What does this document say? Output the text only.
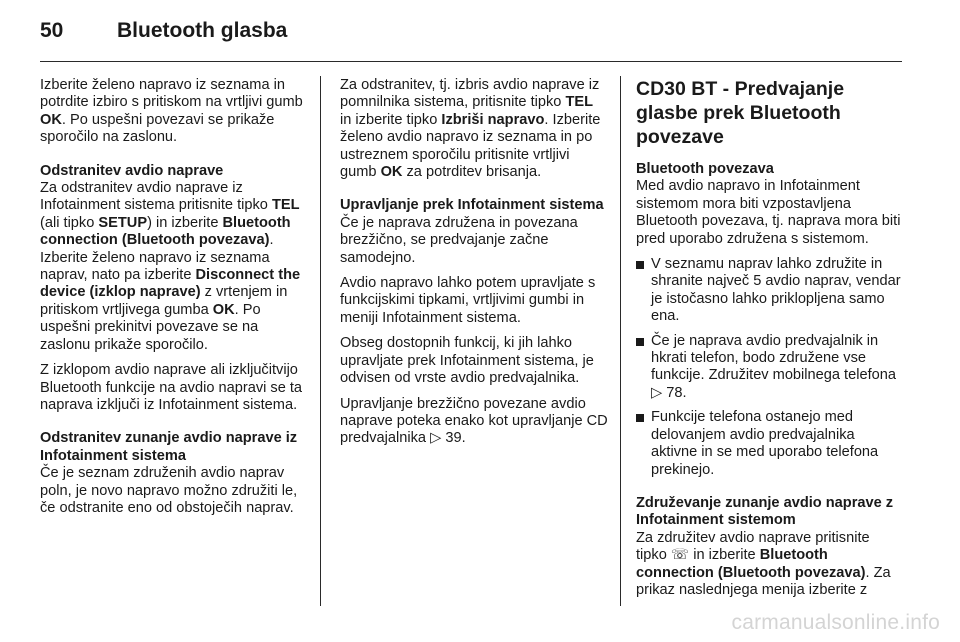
50	Bluetooth glasba

Izberite želeno napravo iz seznama in potrdite izbiro s pritiskom na vrtljivi gumb OK. Po uspešni povezavi se prikaže sporočilo na zaslonu.

Odstranitev avdio naprave

Za odstranitev avdio naprave iz Infotainment sistema pritisnite tipko TEL (ali tipko SETUP) in izberite Bluetooth connection (Bluetooth povezava). Izberite želeno napravo iz seznama naprav, nato pa izberite Disconnect the device (izklop naprave) z vrtenjem in pritiskom vrtljivega gumba OK. Po uspešni prekinitvi povezave se na zaslonu prikaže sporočilo.

Z izklopom avdio naprave ali izključitvijo Bluetooth funkcije na avdio napravi se ta naprava izključi iz Infotainment sistema.

Odstranitev zunanje avdio naprave iz Infotainment sistema

Če je seznam združenih avdio naprav poln, je novo napravo možno združiti le, če odstranite eno od obstoječih naprav.

Za odstranitev, tj. izbris avdio naprave iz pomnilnika sistema, pritisnite tipko TEL in izberite tipko Izbriši napravo. Izberite želeno avdio napravo iz seznama in po ustreznem sporočilu pritisnite vrtljivi gumb OK za potrditev brisanja.

Upravljanje prek Infotainment sistema

Če je naprava združena in povezana brezžično, se predvajanje začne samodejno.

Avdio napravo lahko potem upravljate s funkcijskimi tipkami, vrtljivimi gumbi in meniji Infotainment sistema.

Obseg dostopnih funkcij, ki jih lahko upravljate prek Infotainment sistema, je odvisen od vrste avdio predvajalnika.

Upravljanje brezžično povezane avdio naprave poteka enako kot upravljanje CD predvajalnika ▷ 39.

CD30 BT - Predvajanje glasbe prek Bluetooth povezave
Bluetooth povezava

Med avdio napravo in Infotainment sistemom mora biti vzpostavljena Bluetooth povezava, tj. naprava mora biti pred uporabo združena s sistemom.

V seznamu naprav lahko združite in shranite največ 5 avdio naprav, vendar je istočasno lahko priklopljena samo ena.
Če je naprava avdio predvajalnik in hkrati telefon, bodo združene vse funkcije. Združitev mobilnega telefona ▷ 78.
Funkcije telefona ostanejo med delovanjem avdio predvajalnika aktivne in se med uporabo telefona prekinejo.
Združevanje zunanje avdio naprave z Infotainment sistemom

Za združitev avdio naprave pritisnite tipko ☏ in izberite Bluetooth connection (Bluetooth povezava). Za prikaz naslednjega menija izberite z

carmanualsonline.info
